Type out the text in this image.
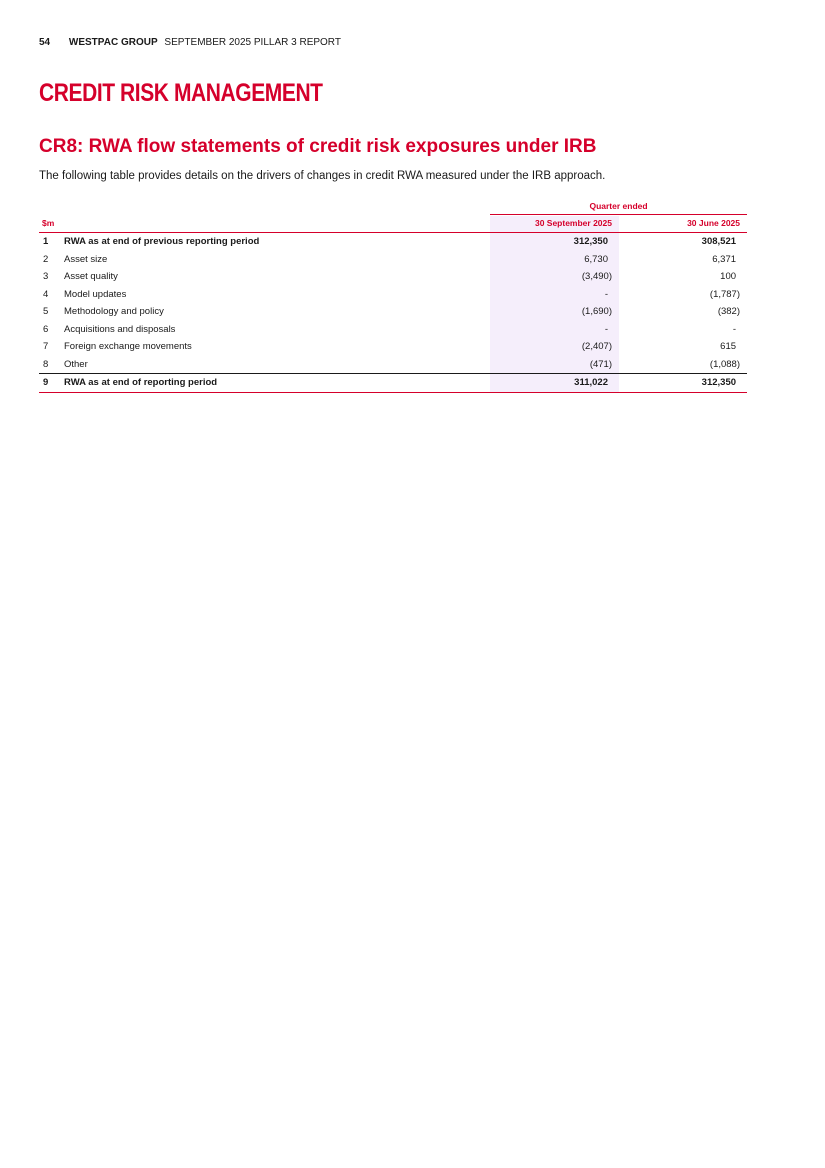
54 WESTPAC GROUP SEPTEMBER 2025 PILLAR 3 REPORT
CREDIT RISK MANAGEMENT
CR8: RWA flow statements of credit risk exposures under IRB

The following table provides details on the drivers of changes in credit RWA measured under the IRB approach.

		Quarter ended	
$m		30 September 2025	30 June 2025
1	RWA as at end of previous reporting period	312,350	308,521
2	Asset size	6,730	6,371
3	Asset quality	(3,490)	100
4	Model updates	-	(1,787)
5	Methodology and policy	(1,690)	(382)
6	Acquisitions and disposals	-	-
7	Foreign exchange movements	(2,407)	615
8	Other	(471)	(1,088)
9	RWA as at end of reporting period	311,022	312,350
